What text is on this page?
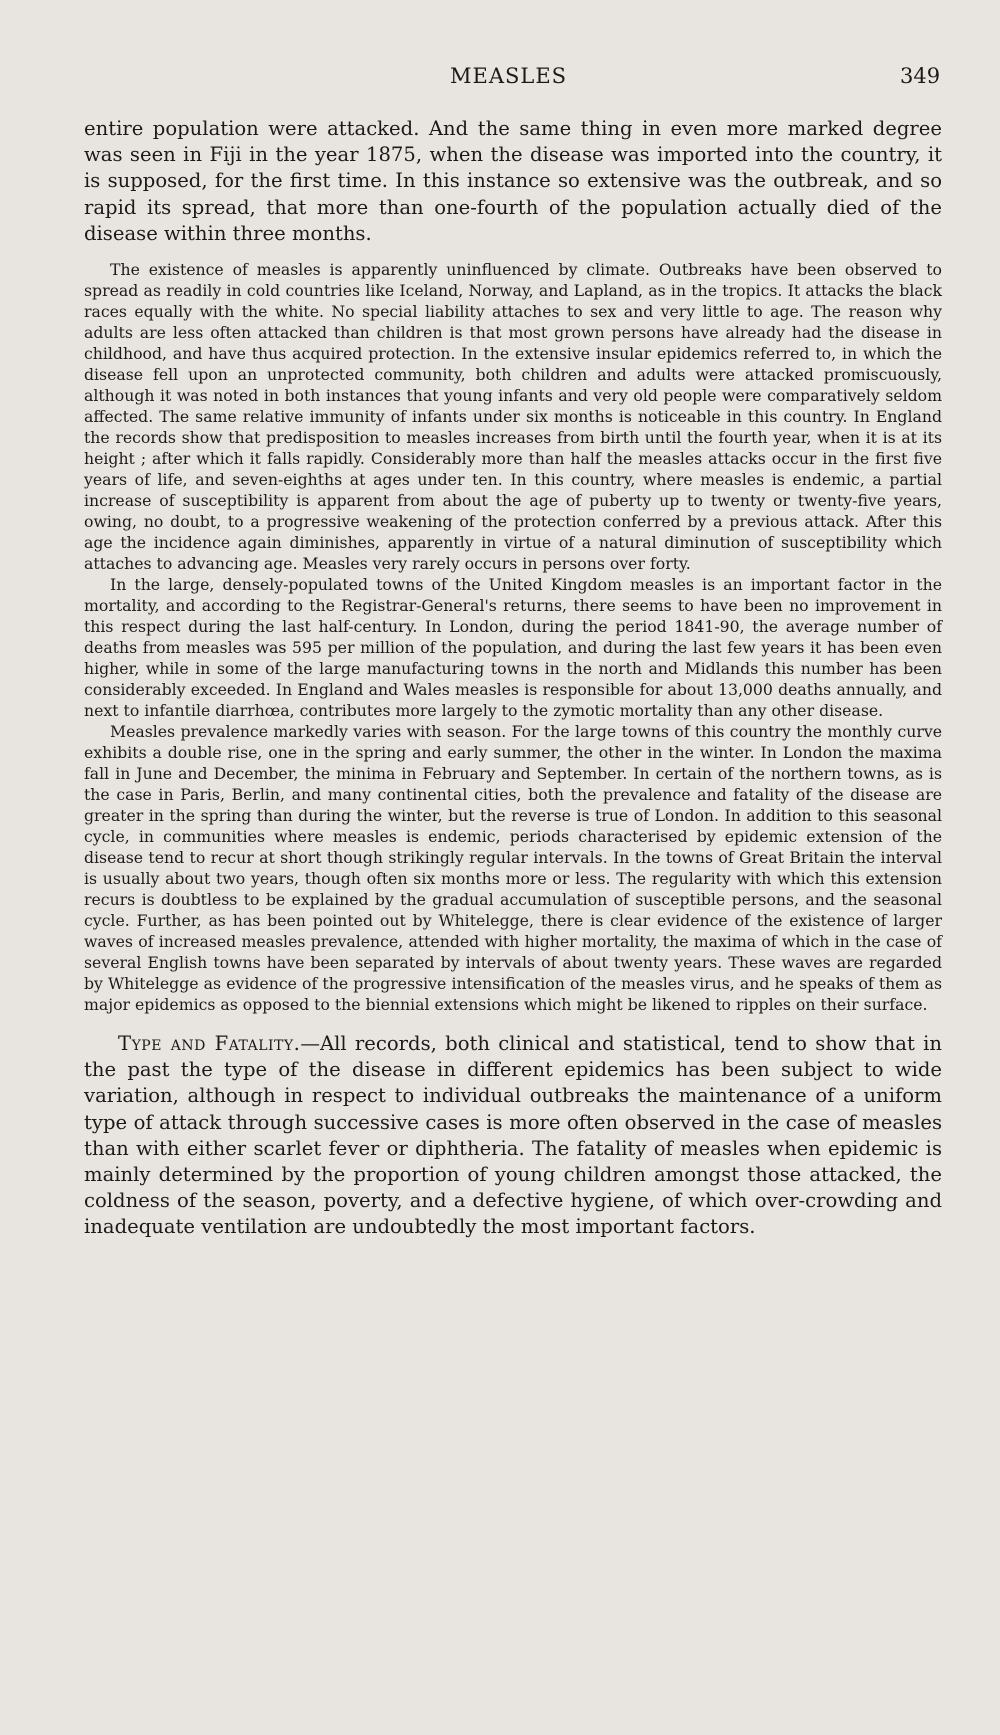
MEASLES	349

entire population were attacked. And the same thing in even more marked degree was seen in Fiji in the year 1875, when the disease was imported into the country, it is supposed, for the first time. In this instance so extensive was the outbreak, and so rapid its spread, that more than one-fourth of the population actually died of the disease within three months.

The existence of measles is apparently uninfluenced by climate. Outbreaks have been observed to spread as readily in cold countries like Iceland, Norway, and Lapland, as in the tropics. It attacks the black races equally with the white. No special liability attaches to sex and very little to age. The reason why adults are less often attacked than children is that most grown persons have already had the disease in childhood, and have thus acquired protection. In the extensive insular epidemics referred to, in which the disease fell upon an unprotected community, both children and adults were attacked promiscuously, although it was noted in both instances that young infants and very old people were comparatively seldom affected. The same relative immunity of infants under six months is noticeable in this country. In England the records show that predisposition to measles increases from birth until the fourth year, when it is at its height ; after which it falls rapidly. Considerably more than half the measles attacks occur in the first five years of life, and seven-eighths at ages under ten. In this country, where measles is endemic, a partial increase of susceptibility is apparent from about the age of puberty up to twenty or twenty-five years, owing, no doubt, to a progressive weakening of the protection conferred by a previous attack. After this age the incidence again diminishes, apparently in virtue of a natural diminution of susceptibility which attaches to advancing age. Measles very rarely occurs in persons over forty.

In the large, densely-populated towns of the United Kingdom measles is an important factor in the mortality, and according to the Registrar-General's returns, there seems to have been no improvement in this respect during the last half-century. In London, during the period 1841-90, the average number of deaths from measles was 595 per million of the population, and during the last few years it has been even higher, while in some of the large manufacturing towns in the north and Midlands this number has been considerably exceeded. In England and Wales measles is responsible for about 13,000 deaths annually, and next to infantile diarrhœa, contributes more largely to the zymotic mortality than any other disease.

Measles prevalence markedly varies with season. For the large towns of this country the monthly curve exhibits a double rise, one in the spring and early summer, the other in the winter. In London the maxima fall in June and December, the minima in February and September. In certain of the northern towns, as is the case in Paris, Berlin, and many continental cities, both the prevalence and fatality of the disease are greater in the spring than during the winter, but the reverse is true of London. In addition to this seasonal cycle, in communities where measles is endemic, periods characterised by epidemic extension of the disease tend to recur at short though strikingly regular intervals. In the towns of Great Britain the interval is usually about two years, though often six months more or less. The regularity with which this extension recurs is doubtless to be explained by the gradual accumulation of susceptible persons, and the seasonal cycle. Further, as has been pointed out by Whitelegge, there is clear evidence of the existence of larger waves of increased measles prevalence, attended with higher mortality, the maxima of which in the case of several English towns have been separated by intervals of about twenty years. These waves are regarded by Whitelegge as evidence of the progressive intensification of the measles virus, and he speaks of them as major epidemics as opposed to the biennial extensions which might be likened to ripples on their surface.

Type and Fatality.—All records, both clinical and statistical, tend to show that in the past the type of the disease in different epidemics has been subject to wide variation, although in respect to individual outbreaks the maintenance of a uniform type of attack through successive cases is more often observed in the case of measles than with either scarlet fever or diphtheria. The fatality of measles when epidemic is mainly determined by the proportion of young children amongst those attacked, the coldness of the season, poverty, and a defective hygiene, of which over-crowding and inadequate ventilation are undoubtedly the most important factors.
